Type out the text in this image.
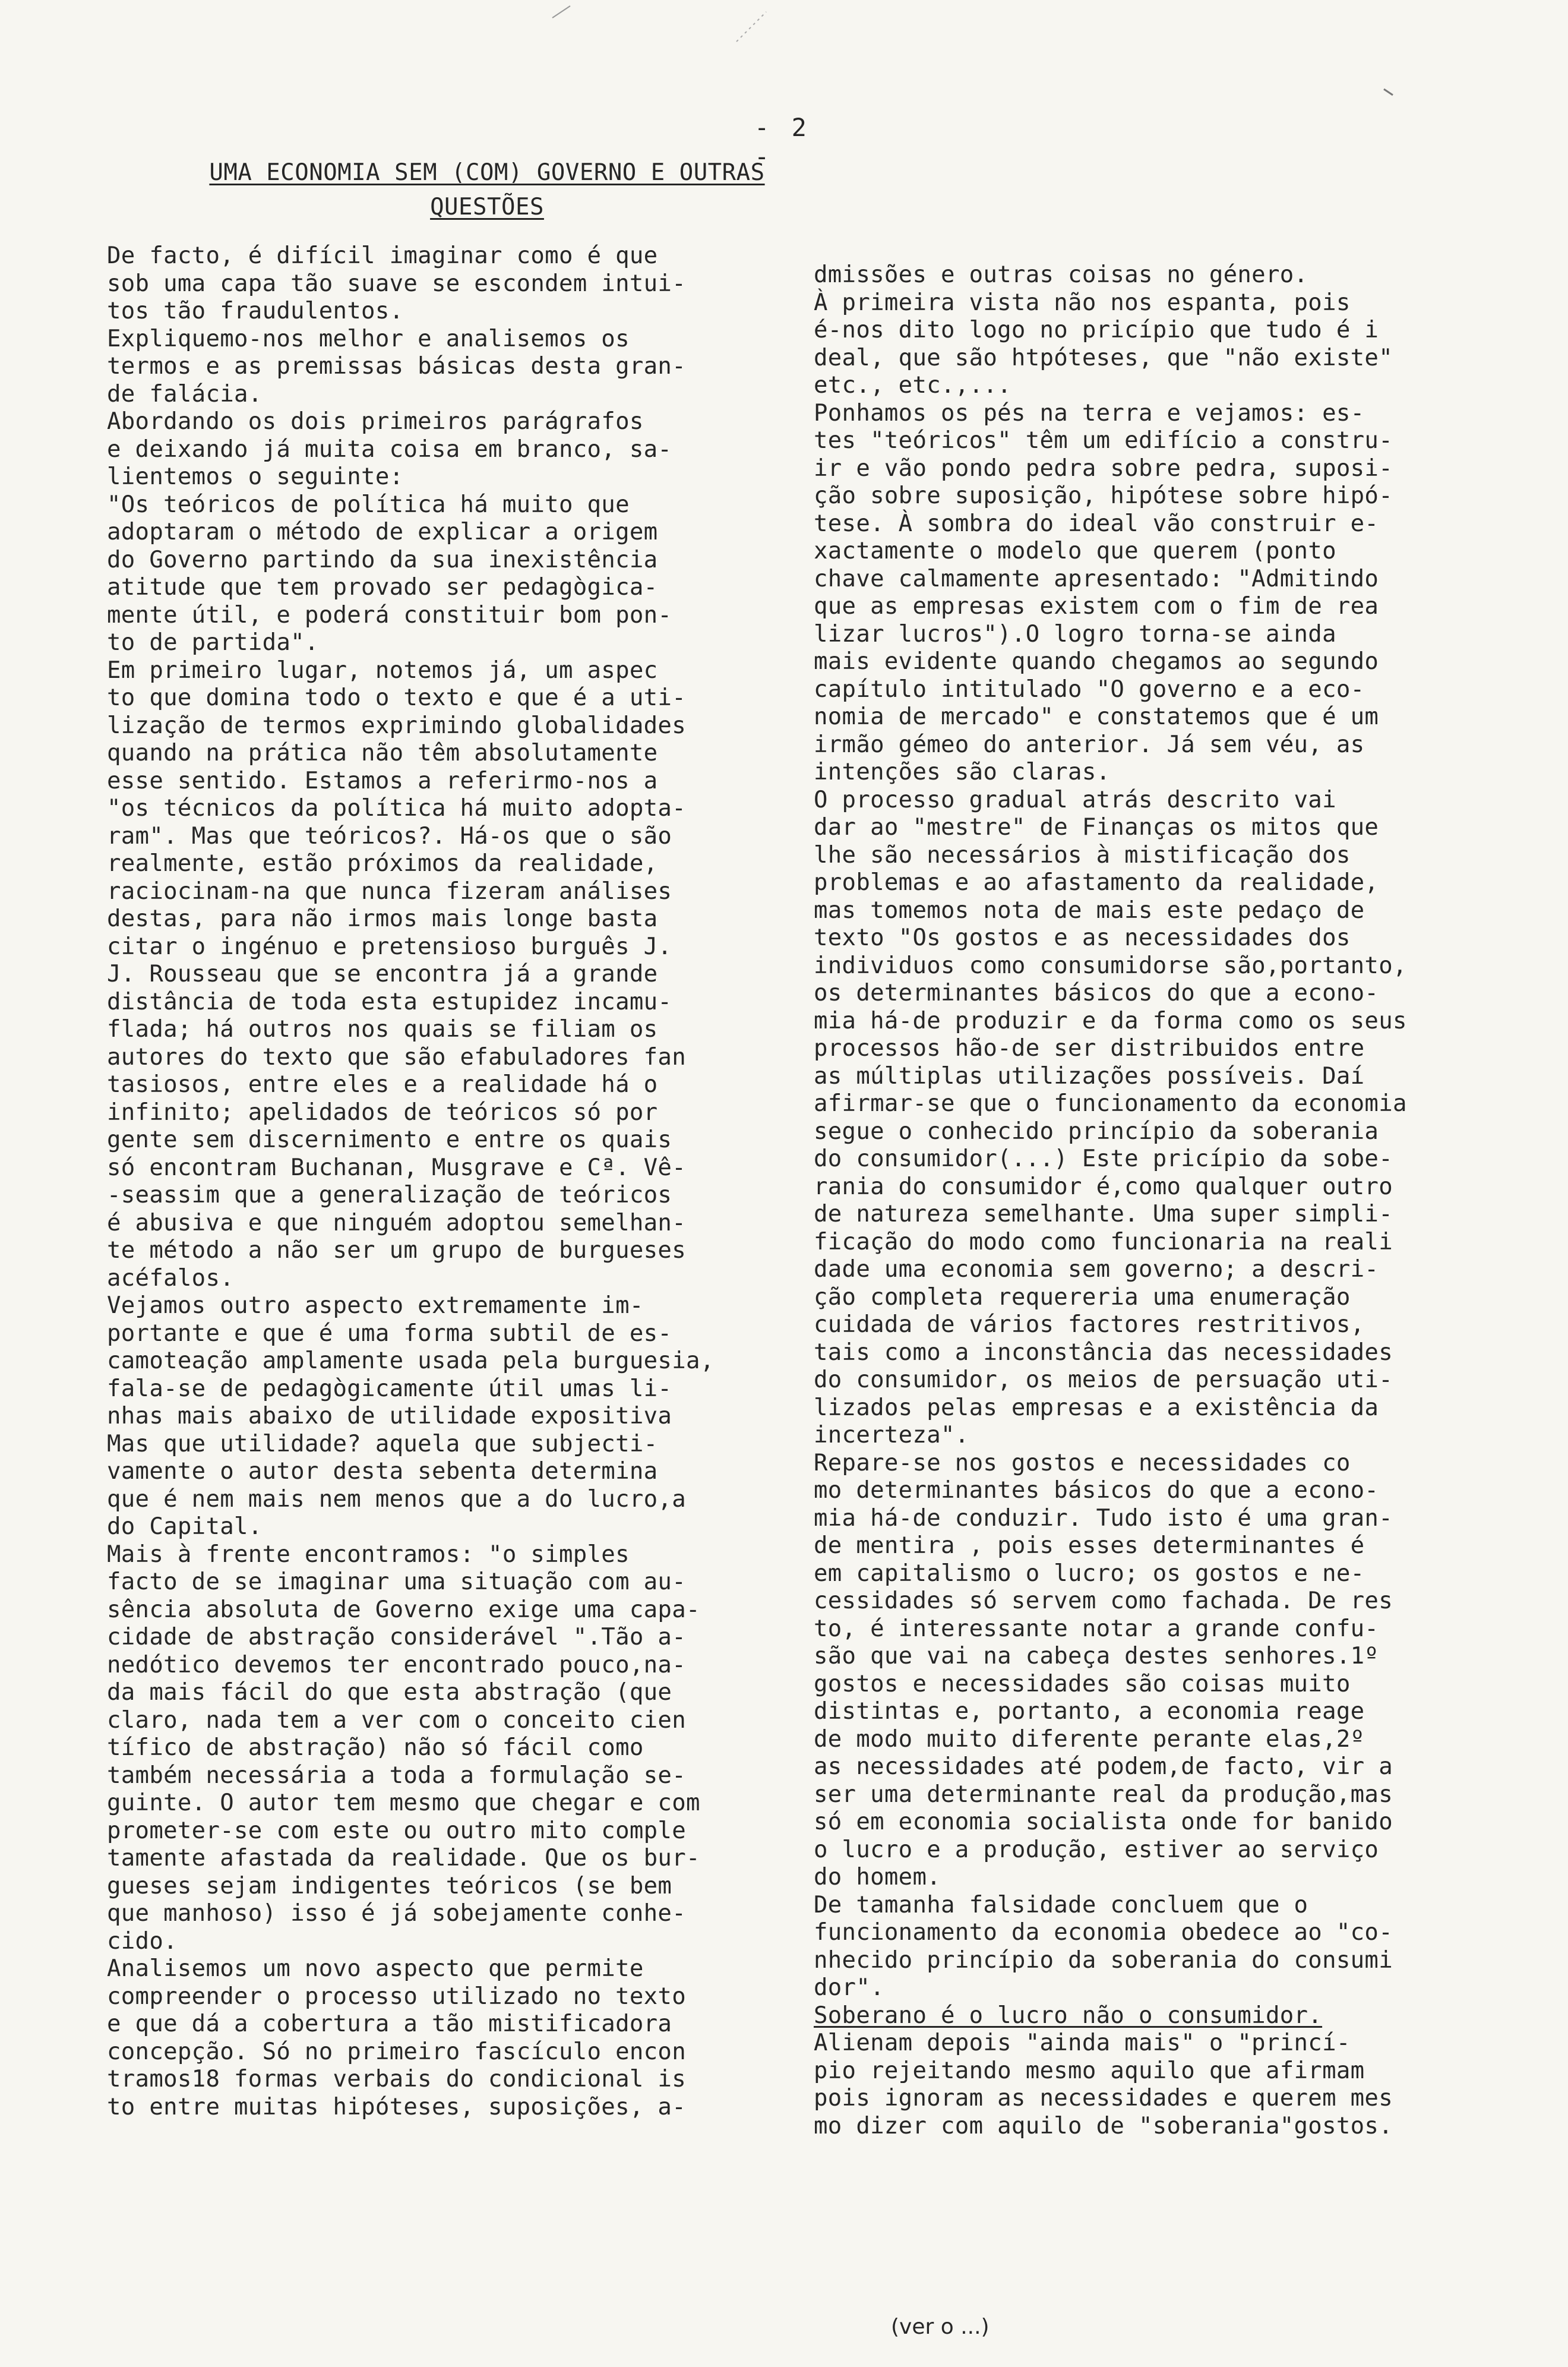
- 2 -
UMA ECONOMIA SEM (COM) GOVERNO E OUTRAS
QUESTÕES

De facto, é difícil imaginar como é que
sob uma capa tão suave se escondem intui-
tos tão fraudulentos.

Expliquemo-nos melhor e analisemos os
termos e as premissas básicas desta gran-
de falácia.

Abordando os dois primeiros parágrafos
e deixando já muita coisa em branco, sa-
lientemos o seguinte:

"Os teóricos de política há muito que
adoptaram o método de explicar a origem
do Governo partindo da sua inexistência
atitude que tem provado ser pedagògica-
mente útil, e poderá constituir bom pon-
to de partida".

Em primeiro lugar, notemos já, um aspec
to que domina todo o texto e que é a uti-
lização de termos exprimindo globalidades
quando na prática não têm absolutamente
esse sentido. Estamos a referirmo-nos a
"os técnicos da política há muito adopta-
ram". Mas que teóricos?. Há-os que o são
realmente, estão próximos da realidade,
raciocinam-na que nunca fizeram análises
destas, para não irmos mais longe basta
citar o ingénuo e pretensioso burguês J.
J. Rousseau que se encontra já a grande
distância de toda esta estupidez incamu-
flada; há outros nos quais se filiam os
autores do texto que são efabuladores fan
tasiosos, entre eles e a realidade há o
infinito; apelidados de teóricos só por
gente sem discernimento e entre os quais
só encontram Buchanan, Musgrave e Cª. Vê-
-seassim que a generalização de teóricos
é abusiva e que ninguém adoptou semelhan-
te método a não ser um grupo de burgueses
acéfalos.

Vejamos outro aspecto extremamente im-
portante e que é uma forma subtil de es-
camoteação amplamente usada pela burguesia,
fala-se de pedagògicamente útil umas li-
nhas mais abaixo de utilidade expositiva

Mas que utilidade? aquela que subjecti-
vamente o autor desta sebenta determina
que é nem mais nem menos que a do lucro,a
do Capital.

Mais à frente encontramos: "o simples
facto de se imaginar uma situação com au-
sência absoluta de Governo exige uma capa-
cidade de abstração considerável ".Tão a-
nedótico devemos ter encontrado pouco,na-
da mais fácil do que esta abstração (que
claro, nada tem a ver com o conceito cien
tífico de abstração) não só fácil como
também necessária a toda a formulação se-
guinte. O autor tem mesmo que chegar e com
prometer-se com este ou outro mito comple
tamente afastada da realidade. Que os bur-
gueses sejam indigentes teóricos (se bem
que manhoso) isso é já sobejamente conhe-
cido.

Analisemos um novo aspecto que permite
compreender o processo utilizado no texto
e que dá a cobertura a tão mistificadora
concepção. Só no primeiro fascículo encon
tramos18 formas verbais do condicional is
to entre muitas hipóteses, suposições, a-

dmissões e outras coisas no género.

À primeira vista não nos espanta, pois
é-nos dito logo no pricípio que tudo é i
deal, que são htpóteses, que "não existe"
etc., etc.,...

Ponhamos os pés na terra e vejamos: es-
tes "teóricos" têm um edifício a constru-
ir e vão pondo pedra sobre pedra, suposi-
ção sobre suposição, hipótese sobre hipó-
tese. À sombra do ideal vão construir e-
xactamente o modelo que querem (ponto
chave calmamente apresentado: "Admitindo
que as empresas existem com o fim de rea
lizar lucros").O logro torna-se ainda
mais evidente quando chegamos ao segundo
capítulo intitulado "O governo e a eco-
nomia de mercado" e constatemos que é um
irmão gémeo do anterior. Já sem véu, as
intenções são claras.

O processo gradual atrás descrito vai
dar ao "mestre" de Finanças os mitos que
lhe são necessários à mistificação dos
problemas e ao afastamento da realidade,
mas tomemos nota de mais este pedaço de
texto "Os gostos e as necessidades dos
individuos como consumidorse são,portanto,
os determinantes básicos do que a econo-
mia há-de produzir e da forma como os seus
processos hão-de ser distribuidos entre
as múltiplas utilizações possíveis. Daí
afirmar-se que o funcionamento da economia
segue o conhecido princípio da soberania
do consumidor(...) Este pricípio da sobe-
rania do consumidor é,como qualquer outro
de natureza semelhante. Uma super simpli-
ficação do modo como funcionaria na reali
dade uma economia sem governo; a descri-
ção completa requereria uma enumeração
cuidada de vários factores restritivos,
tais como a inconstância das necessidades
do consumidor, os meios de persuação uti-
lizados pelas empresas e a existência da
incerteza".

Repare-se nos gostos e necessidades co
mo determinantes básicos do que a econo-
mia há-de conduzir. Tudo isto é uma gran-
de mentira , pois esses determinantes é
em capitalismo o lucro; os gostos e ne-
cessidades só servem como fachada. De res
to, é interessante notar a grande confu-
são que vai na cabeça destes senhores.1º
gostos e necessidades são coisas muito
distintas e, portanto, a economia reage
de modo muito diferente perante elas,2º
as necessidades até podem,de facto, vir a
ser uma determinante real da produção,mas
só em economia socialista onde for banido
o lucro e a produção, estiver ao serviço
do homem.

De tamanha falsidade concluem que o
funcionamento da economia obedece ao "co-
nhecido princípio da soberania do consumi
dor".

Soberano é o lucro não o consumidor.

Alienam depois "ainda mais" o "princí-
pio rejeitando mesmo aquilo que afirmam
pois ignoram as necessidades e querem mes
mo dizer com aquilo de "soberania"gostos.

(ver o ...)
